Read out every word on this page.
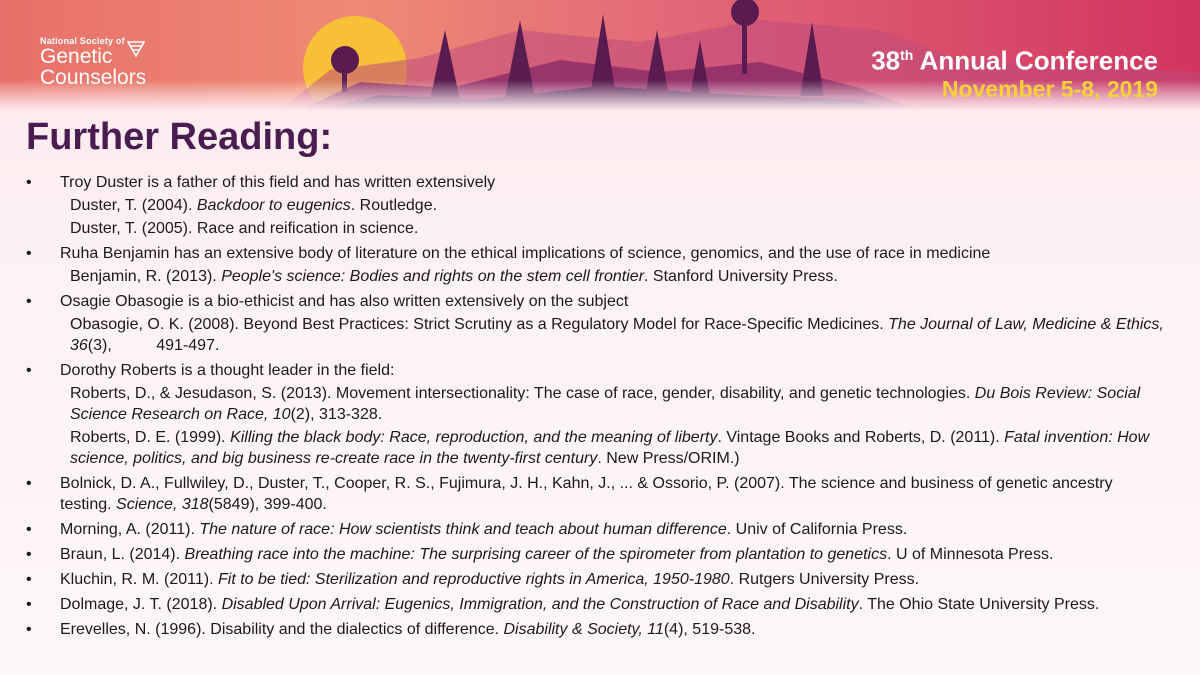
National Society of
Genetic
Counselors
38th Annual Conference
November 5-8, 2019
Further Reading:
• Troy Duster is a father of this field and has written extensively

Duster, T. (2004). Backdoor to eugenics. Routledge.

Duster, T. (2005). Race and reification in science.

• Ruha Benjamin has an extensive body of literature on the ethical implications of science, genomics, and the use of race in medicine

Benjamin, R. (2013). People's science: Bodies and rights on the stem cell frontier. Stanford University Press.

• Osagie Obasogie is a bio-ethicist and has also written extensively on the subject

Obasogie, O. K. (2008). Beyond Best Practices: Strict Scrutiny as a Regulatory Model for Race-Specific Medicines. The Journal of Law, Medicine & Ethics, 36(3),          491-497.

• Dorothy Roberts is a thought leader in the field:

Roberts, D., & Jesudason, S. (2013). Movement intersectionality: The case of race, gender, disability, and genetic technologies. Du Bois Review: Social Science Research on Race, 10(2), 313-328.

Roberts, D. E. (1999). Killing the black body: Race, reproduction, and the meaning of liberty. Vintage Books and Roberts, D. (2011). Fatal invention: How science, politics, and big business re-create race in the twenty-first century. New Press/ORIM.)

• Bolnick, D. A., Fullwiley, D., Duster, T., Cooper, R. S., Fujimura, J. H., Kahn, J., ... & Ossorio, P. (2007). The science and business of genetic ancestry testing. Science, 318(5849), 399-400.
• Morning, A. (2011). The nature of race: How scientists think and teach about human difference. Univ of California Press.
• Braun, L. (2014). Breathing race into the machine: The surprising career of the spirometer from plantation to genetics. U of Minnesota Press.
• Kluchin, R. M. (2011). Fit to be tied: Sterilization and reproductive rights in America, 1950-1980. Rutgers University Press.
• Dolmage, J. T. (2018). Disabled Upon Arrival: Eugenics, Immigration, and the Construction of Race and Disability. The Ohio State University Press.
• Erevelles, N. (1996). Disability and the dialectics of difference. Disability & Society, 11(4), 519-538.
